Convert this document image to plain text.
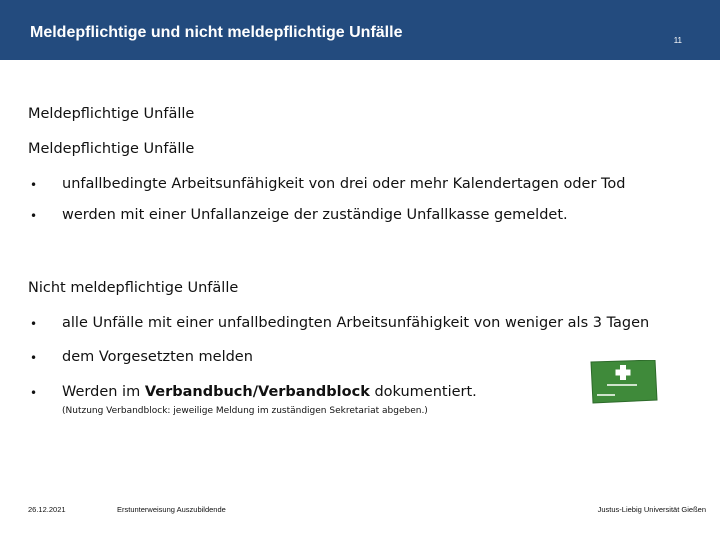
Meldepflichtige und nicht meldepflichtige Unfälle	11
Meldepflichtige Unfälle
Meldepflichtige Unfälle
• unfallbedingte Arbeitsunfähigkeit von drei oder mehr Kalendertagen oder Tod
• werden mit einer Unfallanzeige der zuständige Unfallkasse gemeldet.
Nicht meldepflichtige Unfälle
• alle Unfälle mit einer unfallbedingten Arbeitsunfähigkeit von weniger als 3 Tagen
• dem Vorgesetzten melden
• Werden im Verbandbuch/Verbandblock dokumentiert.
(Nutzung Verbandblock: jeweilige Meldung im zuständigen Sekretariat abgeben.)
26.12.2021	Erstunterweisung Auszubildende	Justus-Liebig Universität Gießen
